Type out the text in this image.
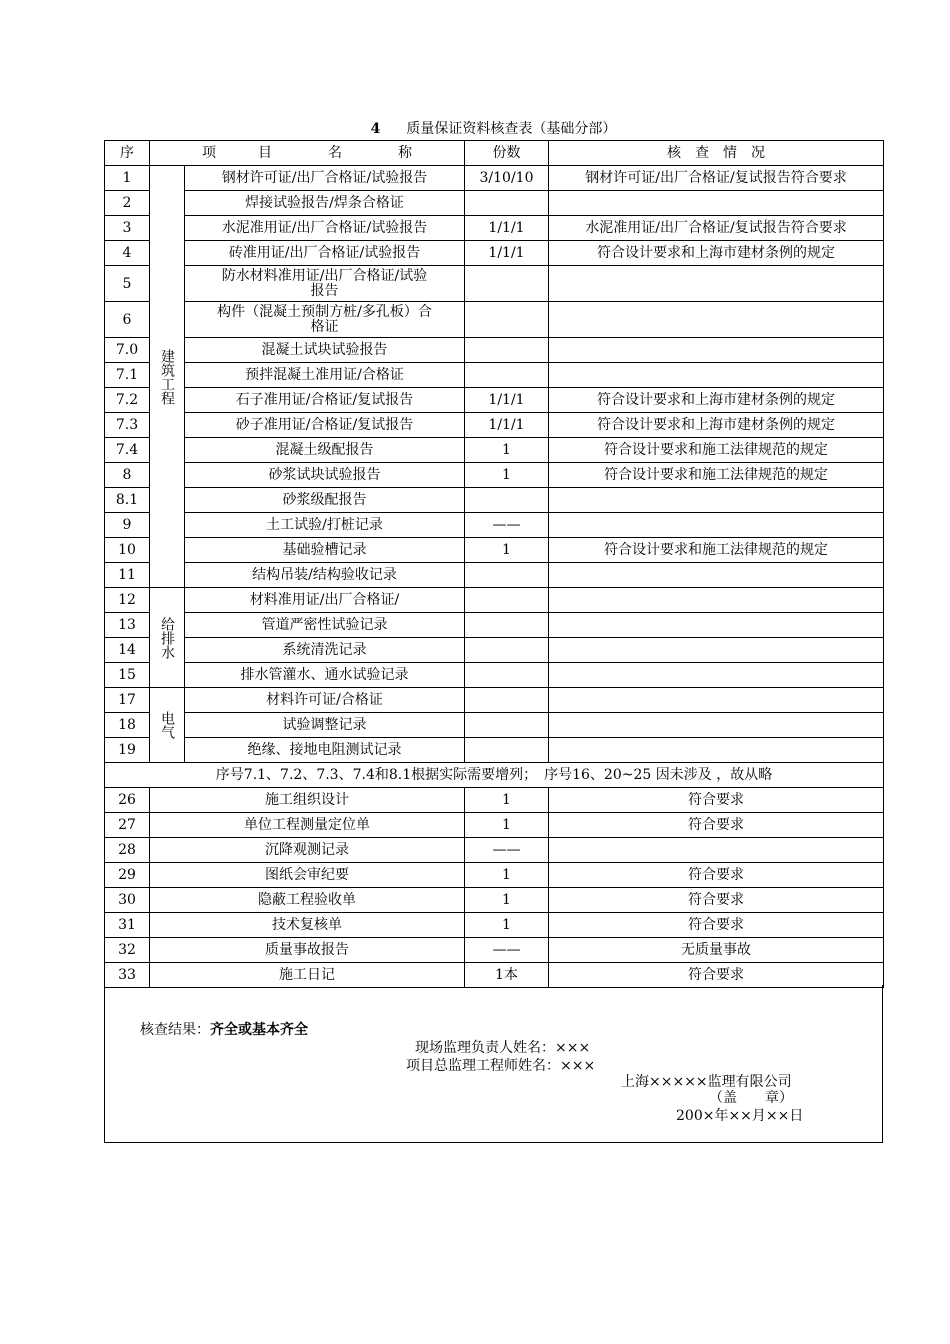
4 质量保证资料核查表（基础分部）
序	项　　　目　　　　名　　　　称		份数	核　查　情　况
1	建筑工程	钢材许可证/出厂合格证/试验报告	3/10/10	钢材许可证/出厂合格证/复试报告符合要求
2		焊接试验报告/焊条合格证		
3		水泥准用证/出厂合格证/试验报告	1/1/1	水泥准用证/出厂合格证/复试报告符合要求
4		砖准用证/出厂合格证/试验报告	1/1/1	符合设计要求和上海市建材条例的规定
5		防水材料准用证/出厂合格证/试验
报告		

6		构件（混凝土预制方桩/多孔板）合
格证		

7.0		混凝土试块试验报告		
7.1		预拌混凝土准用证/合格证		
7.2		石子准用证/合格证/复试报告	1/1/1	符合设计要求和上海市建材条例的规定
7.3		砂子准用证/合格证/复试报告	1/1/1	符合设计要求和上海市建材条例的规定
7.4		混凝土级配报告	1	符合设计要求和施工法律规范的规定
8		砂浆试块试验报告	1	符合设计要求和施工法律规范的规定
8.1		砂浆级配报告		
9		土工试验/打桩记录	——	
10		基础验槽记录	1	符合设计要求和施工法律规范的规定
11		结构吊装/结构验收记录		
12	给排水	材料准用证/出厂合格证/		
13		管道严密性试验记录		
14		系统清洗记录		
15		排水管灌水、通水试验记录		
17	电气	材料许可证/合格证		
18		试验调整记录		
19		绝缘、接地电阻测试记录		
序号7.1、7.2、7.3、7.4和8.1根据实际需要增列；　序号16、20~25 因未涉及 ，故从略				
26	施工组织设计		1	符合要求
27	单位工程测量定位单		1	符合要求
28	沉降观测记录		——	
29	图纸会审纪要		1	符合要求
30	隐蔽工程验收单		1	符合要求
31	技术复核单		1	符合要求
32	质量事故报告		——	无质量事故
33	施工日记		1本	符合要求
核查结果：齐全或基本齐全
现场监理负责人姓名：×××
项目总监理工程师姓名：×××
上海×××××监理有限公司
（盖　　章）
200×年××月××日
